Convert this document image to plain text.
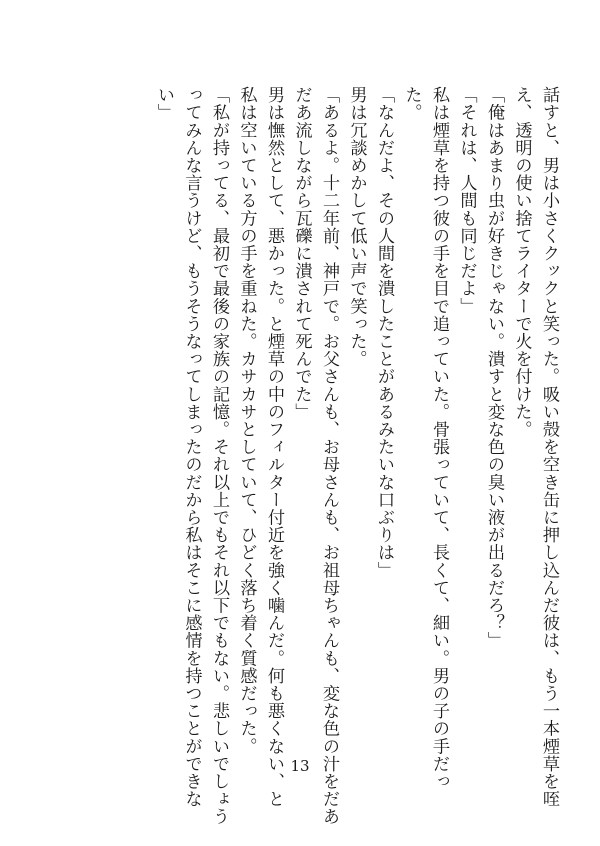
話すと、男は小さくクックと笑った。吸い殻を空き缶に押し込んだ彼は、もう一本煙草を咥
え、透明の使い捨てライターで火を付けた。
「俺はあまり虫が好きじゃない。潰すと変な色の臭い液が出るだろ？」
「それは、人間も同じだよ」
私は煙草を持つ彼の手を目で追っていた。骨張っていて、長くて、細い。男の子の手だっ
た。
「なんだよ、その人間を潰したことがあるみたいな口ぶりは」
男は冗談めかして低い声で笑った。
「あるよ。十二年前、神戸で。お父さんも、お母さんも、お祖母ちゃんも、変な色の汁をだあ
だあ流しながら瓦礫に潰されて死んでた」
男は憮然として、悪かった。と煙草の中のフィルター付近を強く噛んだ。何も悪くない、と
私は空いている方の手を重ねた。カサカサとしていて、ひどく落ち着く質感だった。
「私が持ってる、最初で最後の家族の記憶。それ以上でもそれ以下でもない。悲しいでしょう
ってみんな言うけど、もうそうなってしまったのだから私はそこに感情を持つことができな
い」
13
